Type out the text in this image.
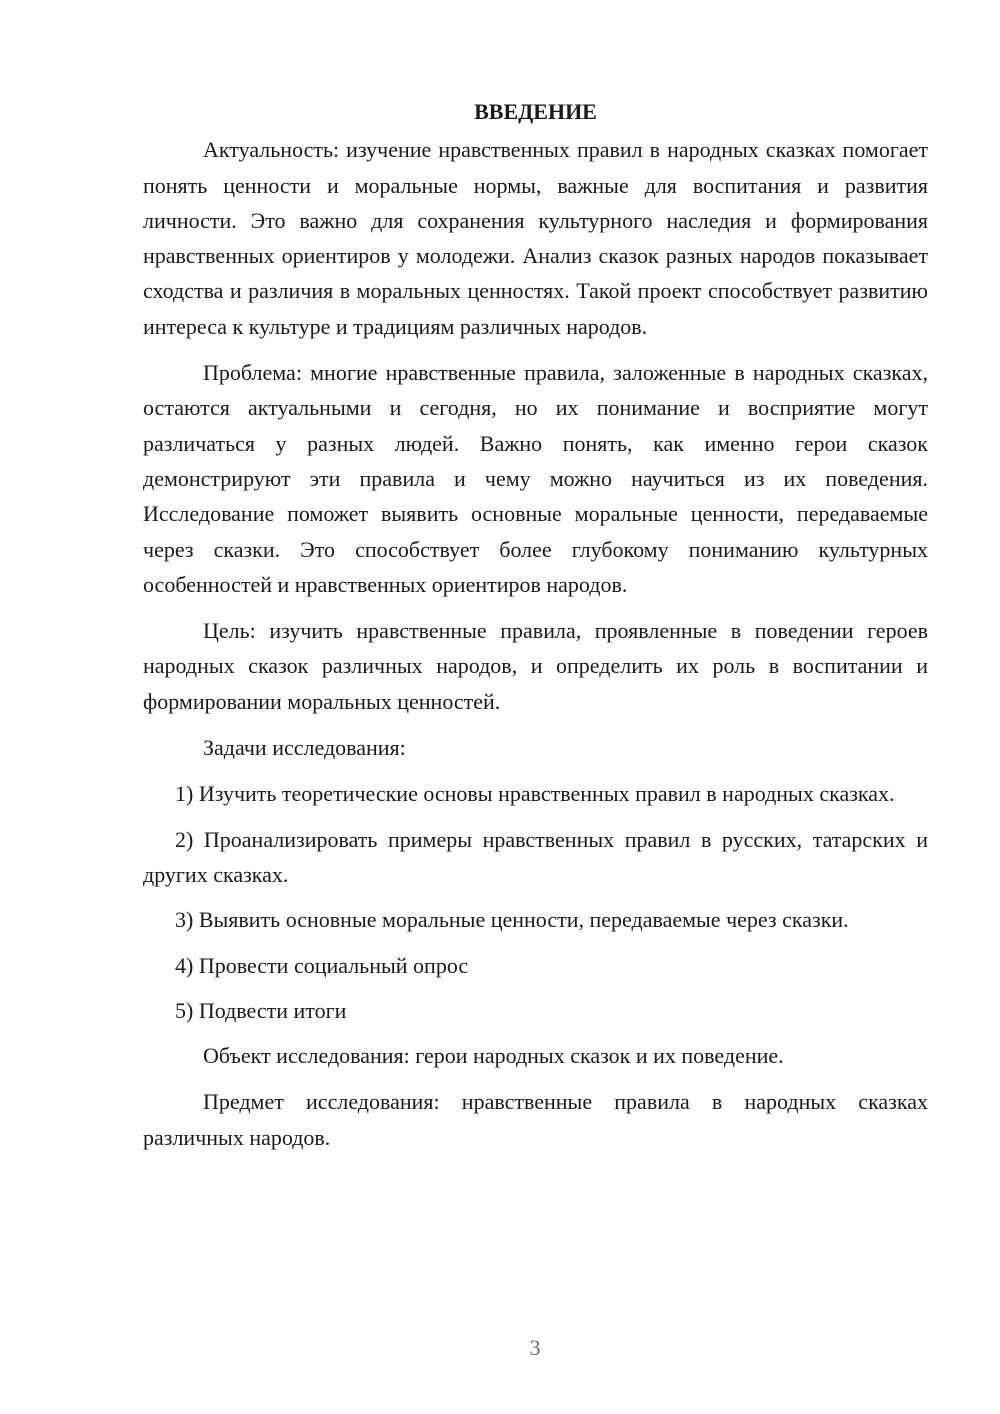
ВВЕДЕНИЕ

Актуальность: изучение нравственных правил в народных сказках помогает понять ценности и моральные нормы, важные для воспитания и развития личности. Это важно для сохранения культурного наследия и формирования нравственных ориентиров у молодежи. Анализ сказок разных народов показывает сходства и различия в моральных ценностях. Такой проект способствует развитию интереса к культуре и традициям различных народов.

Проблема: многие нравственные правила, заложенные в народных сказках, остаются актуальными и сегодня, но их понимание и восприятие могут различаться у разных людей. Важно понять, как именно герои сказок демонстрируют эти правила и чему можно научиться из их поведения. Исследование поможет выявить основные моральные ценности, передаваемые через сказки. Это способствует более глубокому пониманию культурных особенностей и нравственных ориентиров народов.

Цель: изучить нравственные правила, проявленные в поведении героев народных сказок различных народов, и определить их роль в воспитании и формировании моральных ценностей.

Задачи исследования:

1) Изучить теоретические основы нравственных правил в народных сказках.

2) Проанализировать примеры нравственных правил в русских, татарских и других сказках.

3) Выявить основные моральные ценности, передаваемые через сказки.

4) Провести социальный опрос

5) Подвести итоги

Объект исследования: герои народных сказок и их поведение.

Предмет исследования: нравственные правила в народных сказках различных народов.

3
